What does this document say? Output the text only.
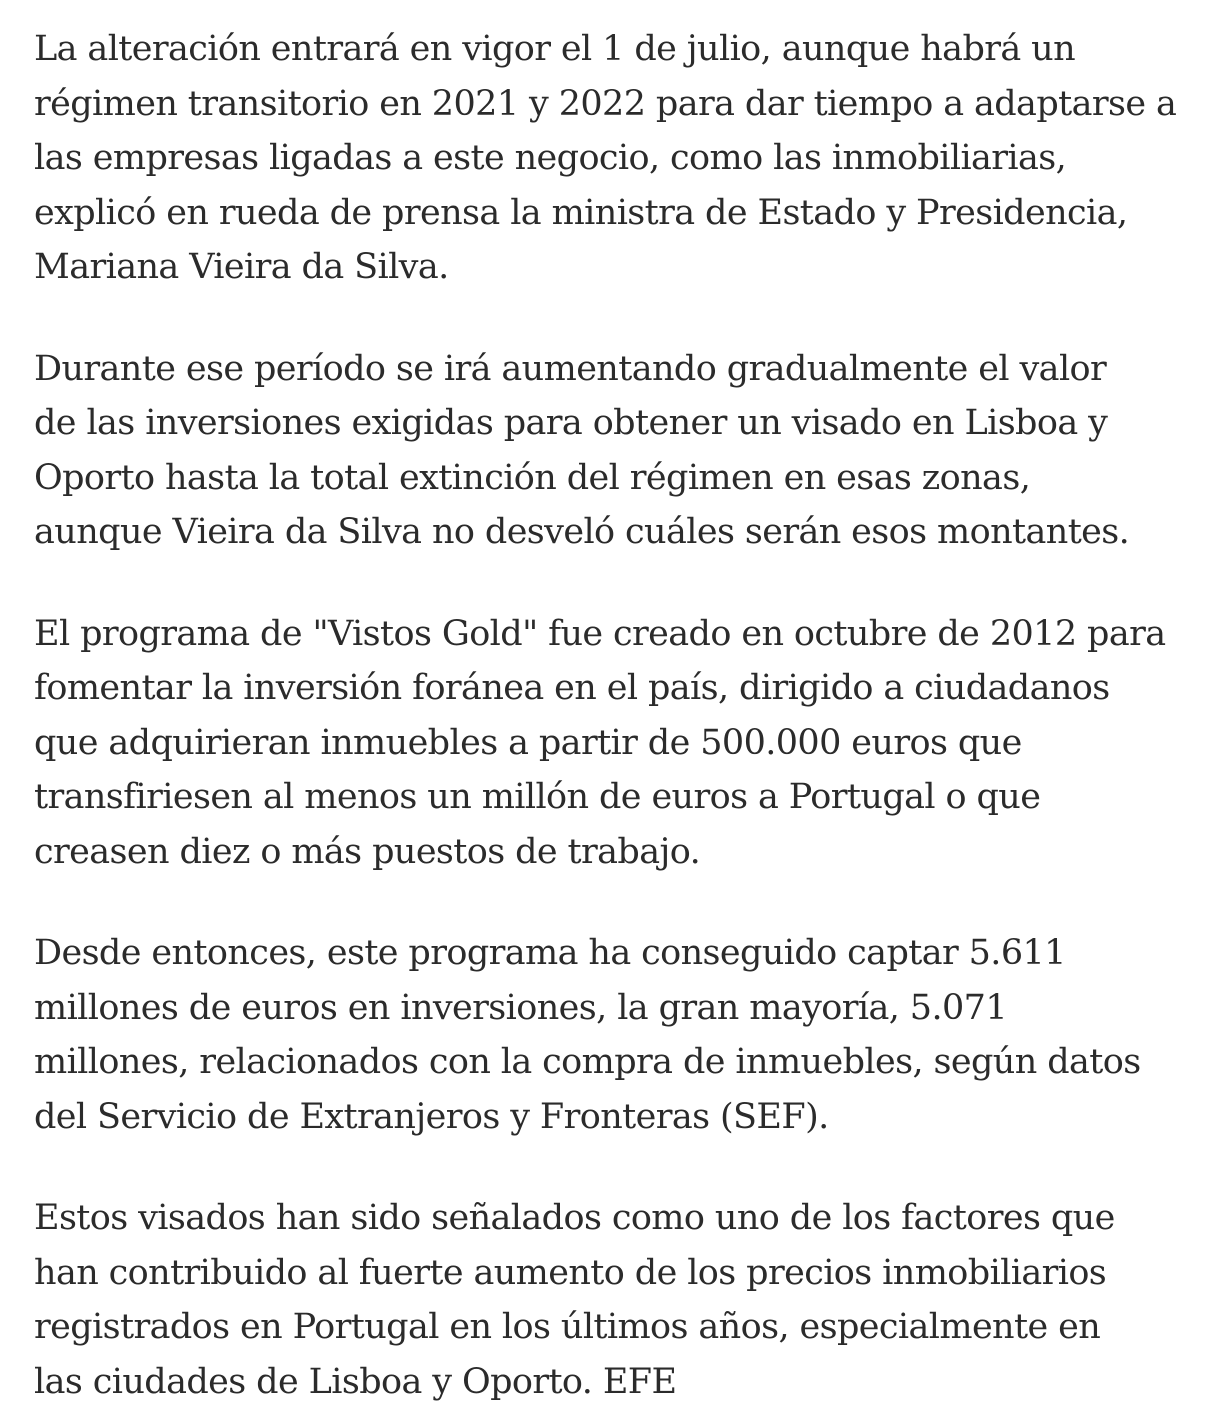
La alteración entrará en vigor el 1 de julio, aunque habrá un
régimen transitorio en 2021 y 2022 para dar tiempo a adaptarse a
las empresas ligadas a este negocio, como las inmobiliarias,
explicó en rueda de prensa la ministra de Estado y Presidencia,
Mariana Vieira da Silva.

Durante ese período se irá aumentando gradualmente el valor
de las inversiones exigidas para obtener un visado en Lisboa y
Oporto hasta la total extinción del régimen en esas zonas,
aunque Vieira da Silva no desveló cuáles serán esos montantes.

El programa de "Vistos Gold" fue creado en octubre de 2012 para
fomentar la inversión foránea en el país, dirigido a ciudadanos
que adquirieran inmuebles a partir de 500.000 euros que
transfiriesen al menos un millón de euros a Portugal o que
creasen diez o más puestos de trabajo.

Desde entonces, este programa ha conseguido captar 5.611
millones de euros en inversiones, la gran mayoría, 5.071
millones, relacionados con la compra de inmuebles, según datos
del Servicio de Extranjeros y Fronteras (SEF).

Estos visados han sido señalados como uno de los factores que
han contribuido al fuerte aumento de los precios inmobiliarios
registrados en Portugal en los últimos años, especialmente en
las ciudades de Lisboa y Oporto. EFE
